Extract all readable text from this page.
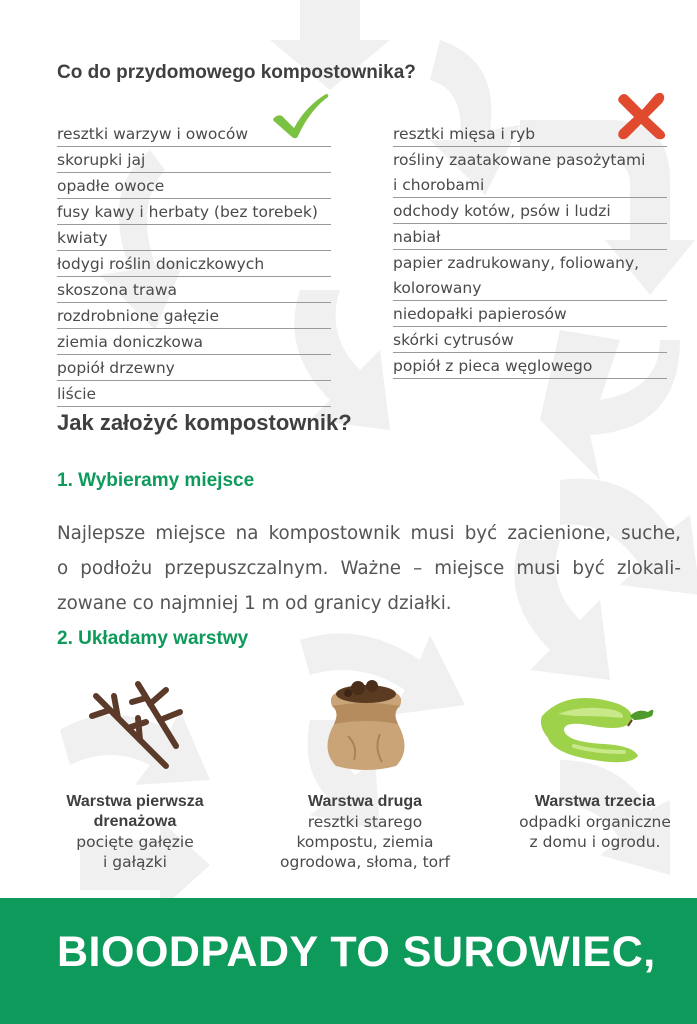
Co do przydomowego kompostownika?
resztki warzyw i owoców
skorupki jaj
opadłe owoce
fusy kawy i herbaty (bez torebek)
kwiaty
łodygi roślin doniczkowych
skoszona trawa
rozdrobnione gałęzie
ziemia doniczkowa
popiół drzewny
liście
resztki mięsa i ryb
rośliny zaatakowane pasożytami
i chorobami
odchody kotów, psów i ludzi
nabiał
papier zadrukowany, foliowany,
kolorowany
niedopałki papierosów
skórki cytrusów
popiół z pieca węglowego
Jak założyć kompostownik?
1. Wybieramy miejsce
Najlepsze miejsce na kompostownik musi być zacienione, suche,
o podłożu przepuszczalnym. Ważne – miejsce musi być zlokali-
zowane co najmniej 1 m od granicy działki.
2. Układamy warstwy
Warstwa pierwsza
drenażowa
pocięte gałęzie
i gałązki
Warstwa druga
resztki starego
kompostu, ziemia
ogrodowa, słoma, torf
Warstwa trzecia
odpadki organiczne
z domu i ogrodu.
BIOODPADY TO SUROWIEC,
